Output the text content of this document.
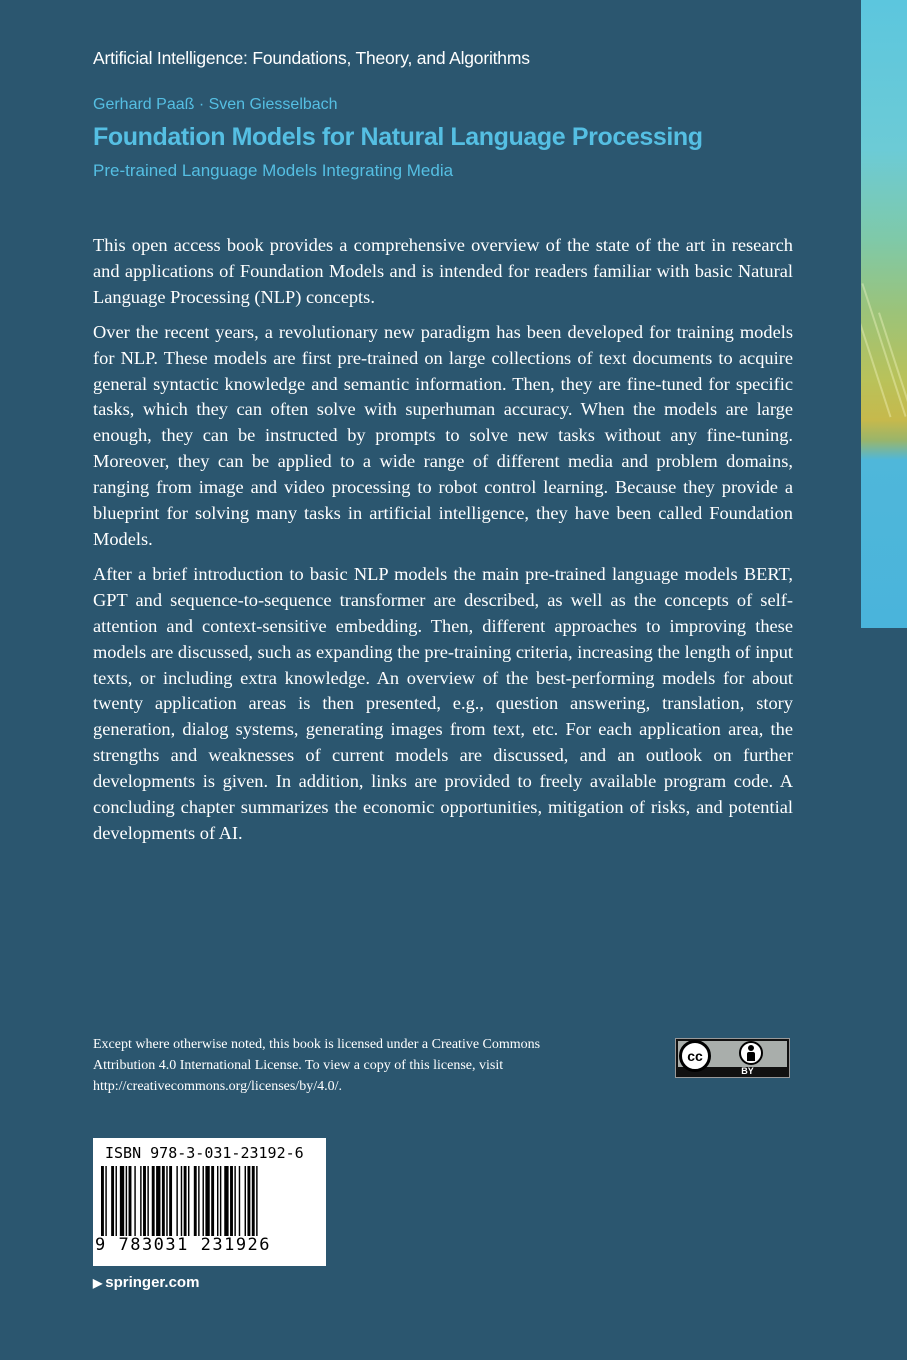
Artificial Intelligence: Foundations, Theory, and Algorithms

Gerhard Paaß · Sven Giesselbach

Foundation Models for Natural Language Processing

Pre-trained Language Models Integrating Media

This open access book provides a comprehensive overview of the state of the art in research and applications of Foundation Models and is intended for readers familiar with basic Natural Language Processing (NLP) concepts.

Over the recent years, a revolutionary new paradigm has been developed for training models for NLP. These models are first pre-trained on large collections of text documents to acquire general syntactic knowledge and semantic information. Then, they are fine-tuned for specific tasks, which they can often solve with superhuman accuracy. When the models are large enough, they can be instructed by prompts to solve new tasks without any fine-tuning. Moreover, they can be applied to a wide range of different media and problem domains, ranging from image and video processing to robot control learning. Because they provide a blueprint for solving many tasks in artificial intelligence, they have been called Foundation Models.

After a brief introduction to basic NLP models the main pre-trained language models BERT, GPT and sequence-to-sequence transformer are described, as well as the concepts of self-attention and context-sensitive embedding. Then, different approaches to improving these models are discussed, such as expanding the pre-training criteria, increasing the length of input texts, or including extra knowledge. An overview of the best-performing models for about twenty application areas is then presented, e.g., question answering, translation, story generation, dialog systems, generating images from text, etc. For each application area, the strengths and weaknesses of current models are discussed, and an outlook on further developments is given. In addition, links are provided to freely available program code. A concluding chapter summarizes the economic opportunities, mitigation of risks, and potential developments of AI.

Except where otherwise noted, this book is licensed under a Creative Commons Attribution 4.0 International License. To view a copy of this license, visit http://creativecommons.org/licenses/by/4.0/.

cc
BY

ISBN 978-3-031-23192-6

9 783031 231926

▶ springer.com
